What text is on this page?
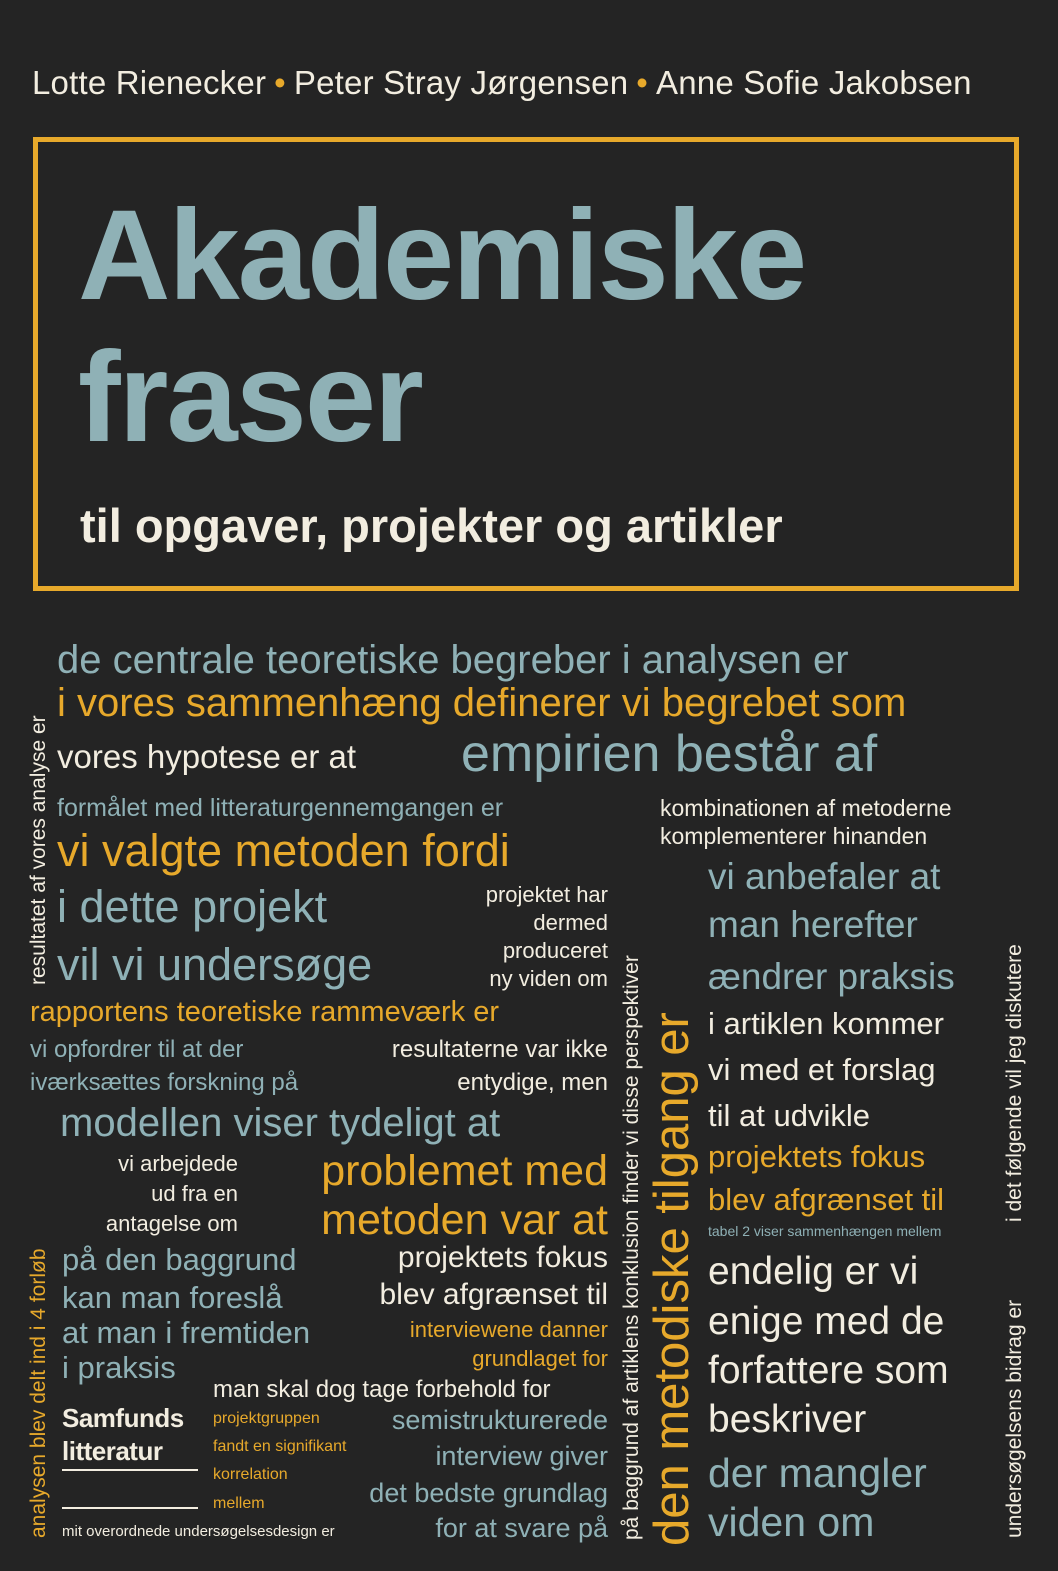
Lotte Rienecker • Peter Stray Jørgensen • Anne Sofie Jakobsen
Akademiske
fraser
til opgaver, projekter og artikler
resultatet af vores analyse er
analysen blev delt ind i 4 forløb	på baggrund af artiklens konklusion finder vi disse perspektiver den metodiske tilgang er	i det følgende vil jeg diskutere
undersøgelsens bidrag er
de centrale teoretiske begreber i analysen er
i vores sammenhæng definerer vi begrebet som
vores hypotese er at empirien består af
formålet med litteraturgennemgangen er
vi valgte metoden fordi
i dette projekt
vil vi undersøge
projektet har
dermed
produceret
ny viden om
rapportens teoretiske rammeværk er
vi opfordrer til at der
iværksættes forskning på
resultaterne var ikke
entydige, men
modellen viser tydeligt at
vi arbejdede
ud fra en
antagelse om
problemet med
metoden var at
på den baggrund
kan man foreslå
at man i fremtiden
i praksis
projektets fokus
blev afgrænset til
interviewene danner
grundlaget for
man skal dog tage forbehold for
projektgruppen
fandt en signifikant
korrelation
mellem
semistrukturerede
interview giver
det bedste grundlag
for at svare på
mit overordnede undersøgelsesdesign er
Samfunds
litteratur
kombinationen af metoderne
komplementerer hinanden
vi anbefaler at
man herefter
ændrer praksis
i artiklen kommer
vi med et forslag
til at udvikle
projektets fokus
blev afgrænset til
tabel 2 viser sammenhængen mellem
endelig er vi
enige med de
forfattere som
beskriver
der mangler
viden om
